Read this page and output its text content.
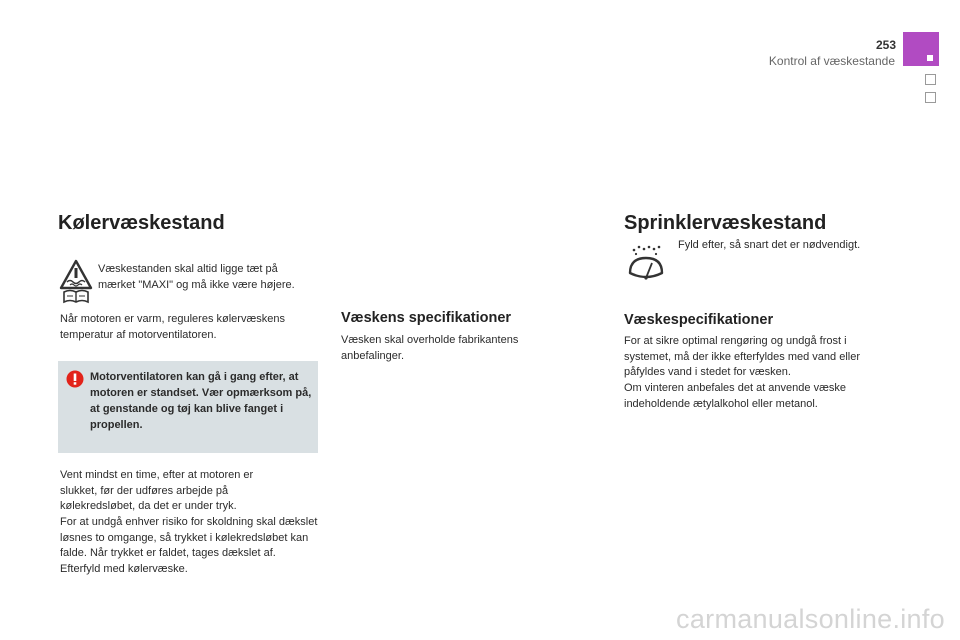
253
Kontrol af væskestande
Kølervæskestand

Væskestanden skal altid ligge tæt på mærket "MAXI" og må ikke være højere.

Når motoren er varm, reguleres kølervæskens temperatur af motorventilatoren.

Motorventilatoren kan gå i gang efter, at motoren er standset. Vær opmærksom på, at genstande og tøj kan blive fanget i propellen.

Vent mindst en time, efter at motoren er slukket, før der udføres arbejde på kølekredsløbet, da det er under tryk.

For at undgå enhver risiko for skoldning skal dækslet løsnes to omgange, så trykket i kølekredsløbet kan falde. Når trykket er faldet, tages dækslet af. Efterfyld med kølervæske.

Væskens specifikationer

Væsken skal overholde fabrikantens anbefalinger.

Sprinklervæskestand

Fyld efter, så snart det er nødvendigt.

Væskespecifikationer

For at sikre optimal rengøring og undgå frost i systemet, må der ikke efterfyldes med vand eller påfyldes vand i stedet for væsken.

Om vinteren anbefales det at anvende væske indeholdende ætylalkohol eller metanol.

carmanualsonline.info
